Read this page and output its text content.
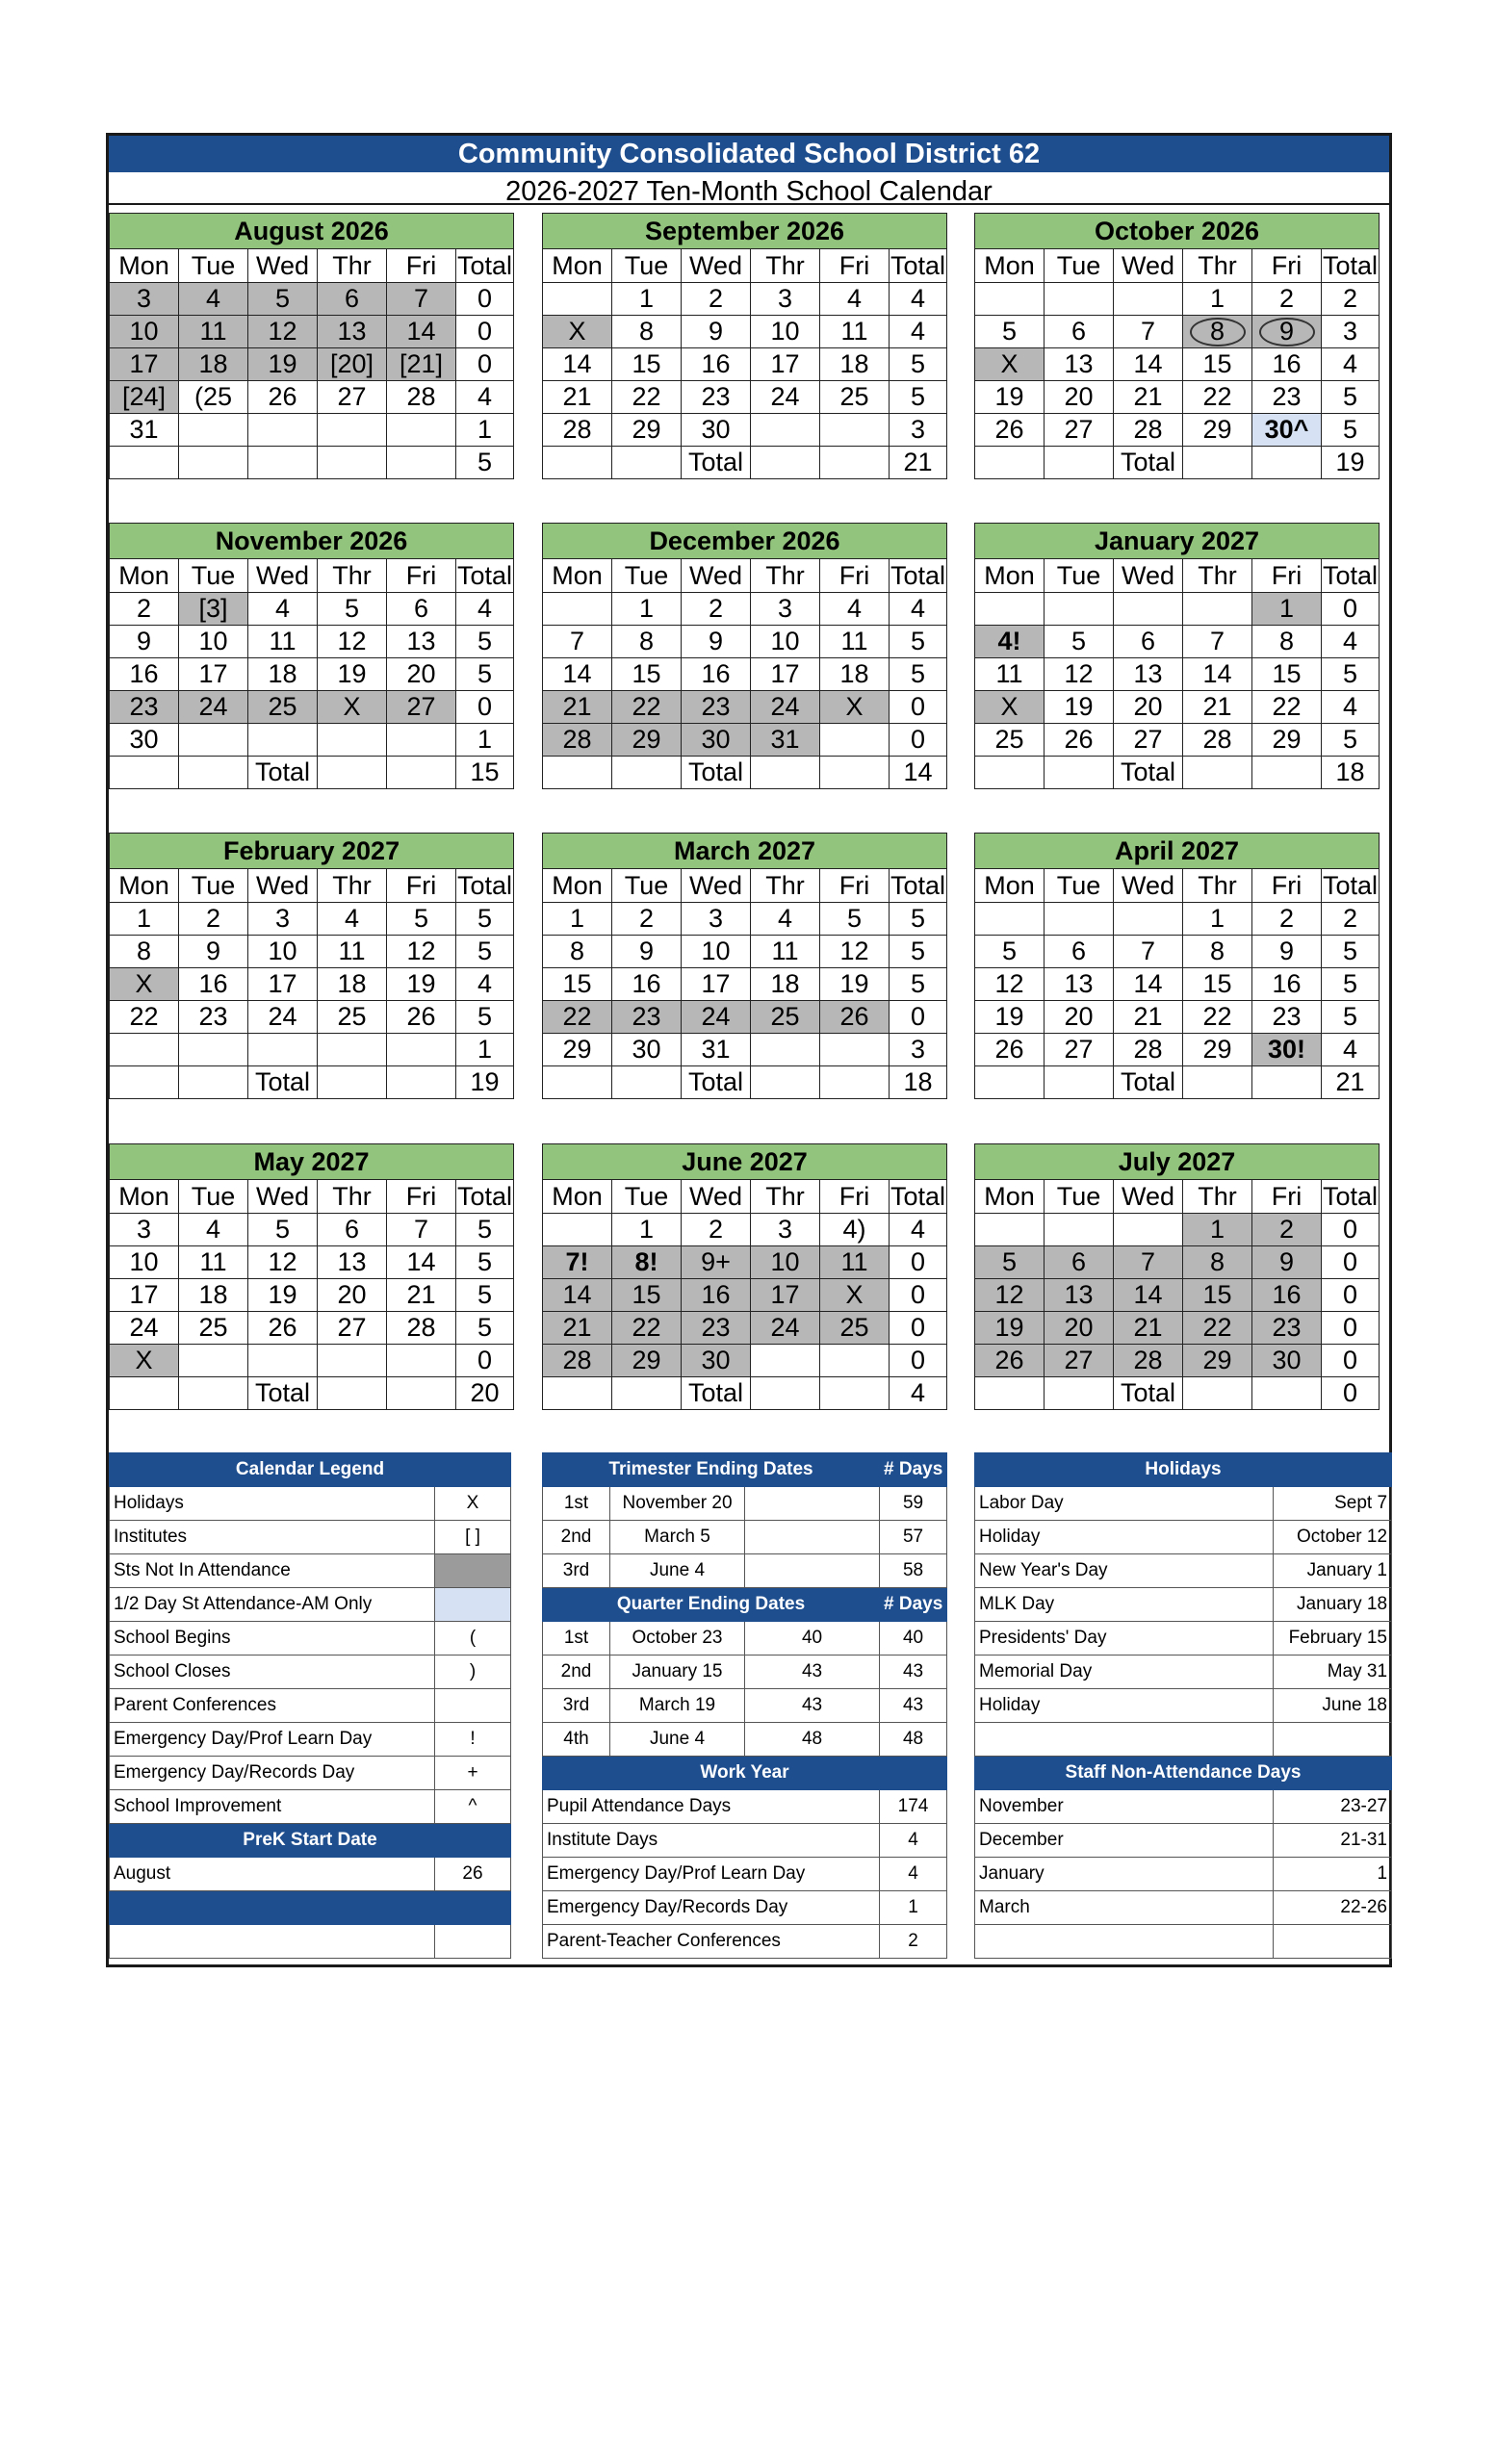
Community Consolidated School District 62
2026-2027 Ten-Month School Calendar
August 2026					
Mon	Tue	Wed	Thr	Fri	Total
3	4	5	6	7	0
10	11	12	13	14	0
17	18	19	[20]	[21]	0
[24]	(25	26	27	28	4
31					1
					5
September 2026					
Mon	Tue	Wed	Thr	Fri	Total
	1	2	3	4	4
X	8	9	10	11	4
14	15	16	17	18	5
21	22	23	24	25	5
28	29	30			3
		Total			21
October 2026					
Mon	Tue	Wed	Thr	Fri	Total
			1	2	2
5	6	7	8	9	3
X	13	14	15	16	4
19	20	21	22	23	5
26	27	28	29	30^	5
		Total			19
November 2026					
Mon	Tue	Wed	Thr	Fri	Total
2	[3]	4	5	6	4
9	10	11	12	13	5
16	17	18	19	20	5
23	24	25	X	27	0
30					1
		Total			15
December 2026					
Mon	Tue	Wed	Thr	Fri	Total
	1	2	3	4	4
7	8	9	10	11	5
14	15	16	17	18	5
21	22	23	24	X	0
28	29	30	31		0
		Total			14
January 2027					
Mon	Tue	Wed	Thr	Fri	Total
				1	0
4!	5	6	7	8	4
11	12	13	14	15	5
X	19	20	21	22	4
25	26	27	28	29	5
		Total			18
February 2027					
Mon	Tue	Wed	Thr	Fri	Total
1	2	3	4	5	5
8	9	10	11	12	5
X	16	17	18	19	4
22	23	24	25	26	5
					1
		Total			19
March 2027					
Mon	Tue	Wed	Thr	Fri	Total
1	2	3	4	5	5
8	9	10	11	12	5
15	16	17	18	19	5
22	23	24	25	26	0
29	30	31			3
		Total			18
April 2027					
Mon	Tue	Wed	Thr	Fri	Total
			1	2	2
5	6	7	8	9	5
12	13	14	15	16	5
19	20	21	22	23	5
26	27	28	29	30!	4
		Total			21
May 2027					
Mon	Tue	Wed	Thr	Fri	Total
3	4	5	6	7	5
10	11	12	13	14	5
17	18	19	20	21	5
24	25	26	27	28	5
X					0
		Total			20
June 2027					
Mon	Tue	Wed	Thr	Fri	Total
	1	2	3	4)	4
7!	8!	9+	10	11	0
14	15	16	17	X	0
21	22	23	24	25	0
28	29	30			0
		Total			4
July 2027					
Mon	Tue	Wed	Thr	Fri	Total
			1	2	0
5	6	7	8	9	0
12	13	14	15	16	0
19	20	21	22	23	0
26	27	28	29	30	0
		Total			0
Calendar Legend	
Holidays	X
Institutes	[ ]
Sts Not In Attendance	
1/2 Day St Attendance-AM Only	
School Begins	(
School Closes	)
Parent Conferences	
Emergency Day/Prof Learn Day	!
Emergency Day/Records Day	+
School Improvement	^
PreK Start Date	
August	26

Trimester Ending Dates			# Days
1st	November 20		59
2nd	March 5		57
3rd	June 4		58
Quarter Ending Dates			# Days
1st	October 23	40	40
2nd	January 15	43	43
3rd	March 19	43	43
4th	June 4	48	48
Work Year			
Pupil Attendance Days			174
Institute Days			4
Emergency Day/Prof Learn Day			4
Emergency Day/Records Day			1
Parent-Teacher Conferences			2
Holidays	
Labor Day	Sept 7
Holiday	October 12
New Year's Day	January 1
MLK Day	January 18
Presidents' Day	February 15
Memorial Day	May 31
Holiday	June 18

Staff Non-Attendance Days	
November	23-27
December	21-31
January	1
March	22-26
